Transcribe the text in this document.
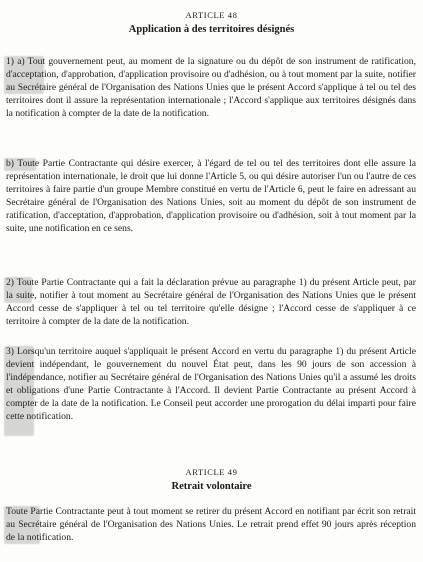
ARTICLE 48
Application à des territoires désignés
1) a) Tout gouvernement peut, au moment de la signature ou du dépôt de son instrument de ratification, d'acceptation, d'approbation, d'application provisoire ou d'adhésion, ou à tout moment par la suite, notifier au Secrétaire général de l'Organisation des Nations Unies que le présent Accord s'applique à tel ou tel des territoires dont il assure la représentation internationale ; l'Accord s'applique aux territoires désignés dans la notification à compter de la date de la notification.
b) Toute Partie Contractante qui désire exercer, à l'égard de tel ou tel des territoires dont elle assure la représentation internationale, le droit que lui donne l'Article 5, ou qui désire autoriser l'un ou l'autre de ces territoires à faire partie d'un groupe Membre constitué en vertu de l'Article 6, peut le faire en adressant au Secrétaire général de l'Organisation des Nations Unies, soit au moment du dépôt de son instrument de ratification, d'acceptation, d'approbation, d'application provisoire ou d'adhésion, soit à tout moment par la suite, une notification en ce sens.
2) Toute Partie Contractante qui a fait la déclaration prévue au paragraphe 1) du présent Article peut, par la suite, notifier à tout moment au Secrétaire général de l'Organisation des Nations Unies que le présent Accord cesse de s'appliquer à tel ou tel territoire qu'elle désigne ; l'Accord cesse de s'appliquer à ce territoire à compter de la date de la notification.
3) Lorsqu'un territoire auquel s'appliquait le présent Accord en vertu du paragraphe 1) du présent Article devient indépendant, le gouvernement du nouvel État peut, dans les 90 jours de son accession à l'indépendance, notifier au Secrétaire général de l'Organisation des Nations Unies qu'il a assumé les droits et obligations d'une Partie Contractante à l'Accord. Il devient Partie Contractante au présent Accord à compter de la date de la notification. Le Conseil peut accorder une prorogation du délai imparti pour faire cette notification.
ARTICLE 49
Retrait volontaire
Toute Partie Contractante peut à tout moment se retirer du présent Accord en notifiant par écrit son retrait au Secrétaire général de l'Organisation des Nations Unies. Le retrait prend effet 90 jours après réception de la notification.
